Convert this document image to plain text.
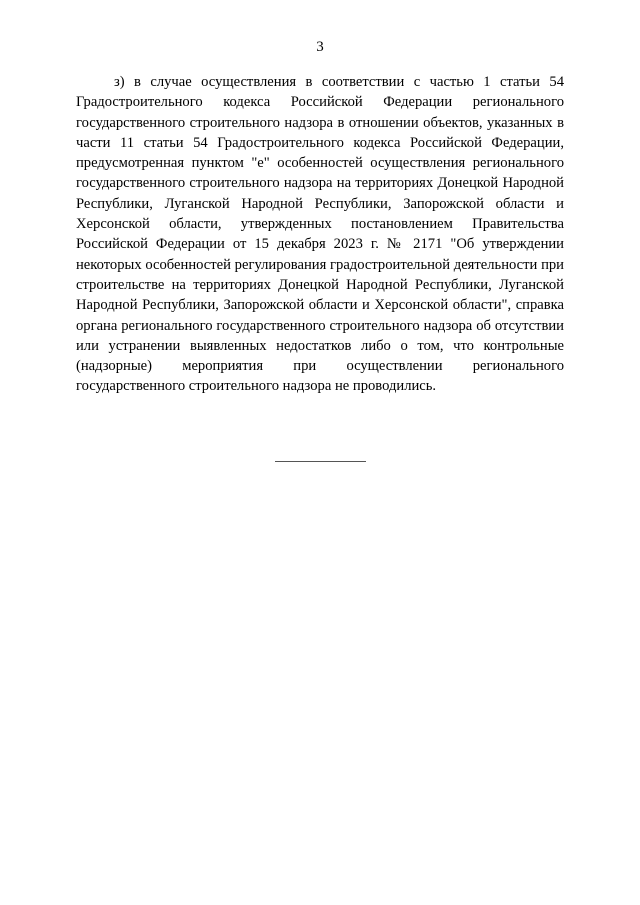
3

з) в случае осуществления в соответствии с частью 1 статьи 54 Градостроительного кодекса Российской Федерации регионального государственного строительного надзора в отношении объектов, указанных в части 11 статьи 54 Градостроительного кодекса Российской Федерации, предусмотренная пунктом "е" особенностей осуществления регионального государственного строительного надзора на территориях Донецкой Народной Республики, Луганской Народной Республики, Запорожской области и Херсонской области, утвержденных постановлением Правительства Российской Федерации от 15 декабря 2023 г. № 2171 "Об утверждении некоторых особенностей регулирования градостроительной деятельности при строительстве на территориях Донецкой Народной Республики, Луганской Народной Республики, Запорожской области и Херсонской области", справка органа регионального государственного строительного надзора об отсутствии или устранении выявленных недостатков либо о том, что контрольные (надзорные) мероприятия при осуществлении регионального государственного строительного надзора не проводились.
